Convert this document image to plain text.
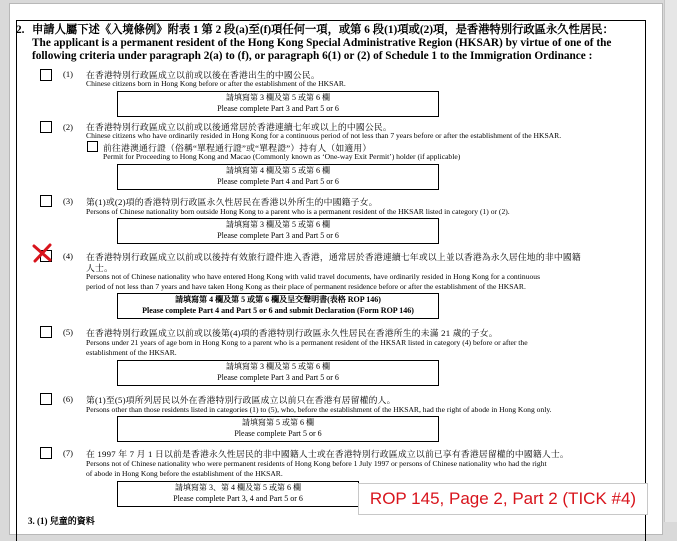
2. 申請人屬下述《入境條例》附表 1 第 2 段(a)至(f)項任何一項，或第 6 段(1)項或(2)項，是香港特別行政區永久性居民：
The applicant is a permanent resident of the Hong Kong Special Administrative Region (HKSAR) by virtue of one of the
following criteria under paragraph 2(a) to (f), or paragraph 6(1) or (2) of Schedule 1 to the Immigration Ordinance :
(1) 在香港特別行政區成立以前或以後在香港出生的中國公民。
Chinese citizens born in Hong Kong before or after the establishment of the HKSAR.
請填寫第 3 欄及第 5 或第 6 欄
Please complete Part 3 and Part 5 or 6
(2) 在香港特別行政區成立以前或以後通常居於香港連續七年或以上的中國公民。
Chinese citizens who have ordinarily resided in Hong Kong for a continuous period of not less than 7 years before or after the establishment of the HKSAR.
前往港澳通行證（俗稱“單程通行證”或“單程證”）持有人（如適用）
Permit for Proceeding to Hong Kong and Macao (Commonly known as ‘One-way Exit Permit’) holder (if applicable)
請填寫第 4 欄及第 5 或第 6 欄
Please complete Part 4 and Part 5 or 6
(3) 第(1)或(2)項的香港特別行政區永久性居民在香港以外所生的中國籍子女。
Persons of Chinese nationality born outside Hong Kong to a parent who is a permanent resident of the HKSAR listed in category (1) or (2).
請填寫第 3 欄及第 5 或第 6 欄
Please complete Part 3 and Part 5 or 6
(4) 在香港特別行政區成立以前或以後持有效旅行證件進入香港，通常居於香港連續七年或以上並以香港為永久居住地的非中國籍
人士。
Persons not of Chinese nationality who have entered Hong Kong with valid travel documents, have ordinarily resided in Hong Kong for a continuous
period of not less than 7 years and have taken Hong Kong as their place of permanent residence before or after the establishment of the HKSAR.
請填寫第 4 欄及第 5 或第 6 欄及呈交聲明書(表格 ROP 146)
Please complete Part 4 and Part 5 or 6 and submit Declaration (Form ROP 146)
(5) 在香港特別行政區成立以前或以後第(4)項的香港特別行政區永久性居民在香港所生的未滿 21 歲的子女。
Persons under 21 years of age born in Hong Kong to a parent who is a permanent resident of the HKSAR listed in category (4) before or after the
establishment of the HKSAR.
請填寫第 3 欄及第 5 或第 6 欄
Please complete Part 3 and Part 5 or 6
(6) 第(1)至(5)項所列居民以外在香港特別行政區成立以前只在香港有居留權的人。
Persons other than those residents listed in categories (1) to (5), who, before the establishment of the HKSAR, had the right of abode in Hong Kong only.
請填寫第 5 或第 6 欄
Please complete Part 5 or 6
(7) 在 1997 年 7 月 1 日以前是香港永久性居民的非中國籍人士或在香港特別行政區成立以前已享有香港居留權的中國籍人士。
Persons not of Chinese nationality who were permanent residents of Hong Kong before 1 July 1997 or persons of Chinese nationality who had the right
of abode in Hong Kong before the establishment of the HKSAR.
請填寫第 3、第 4 欄及第 5 或第 6 欄
Please complete Part 3, 4 and Part 5 or 6
3. (1) 兒童的資料
ROP 145, Page 2, Part 2 (TICK #4)
